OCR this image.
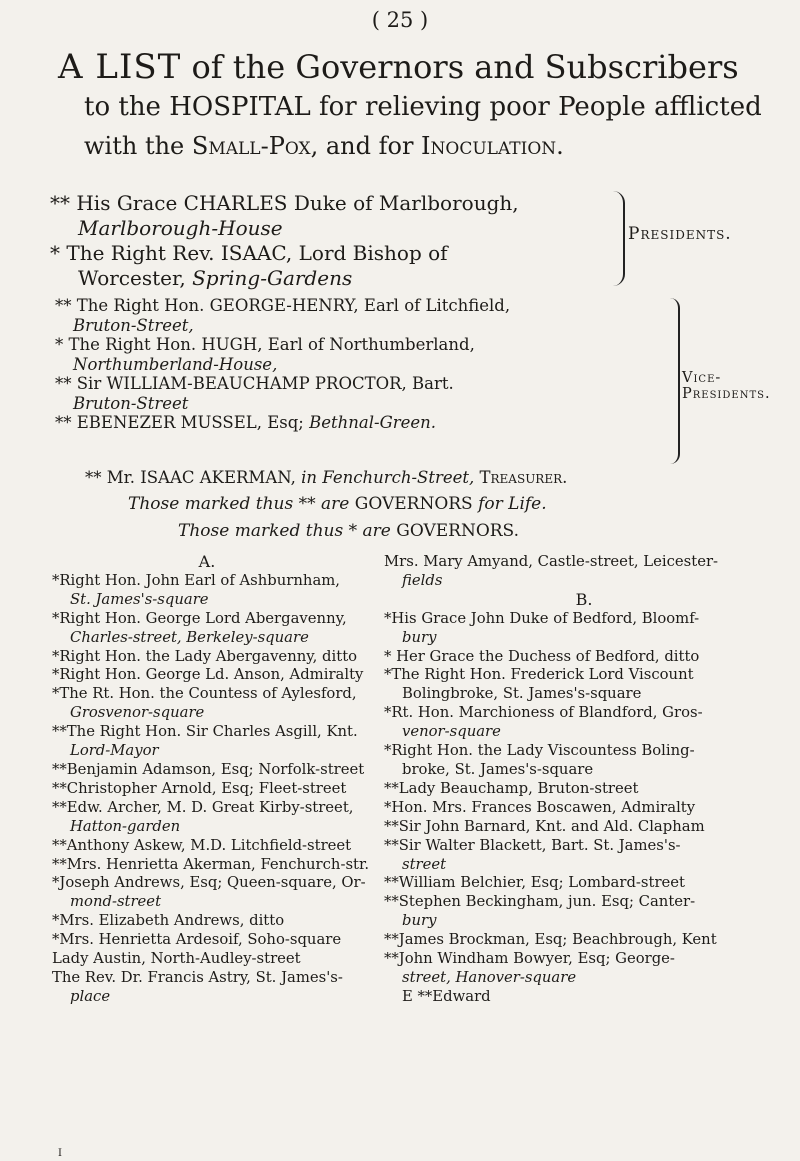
( 25 )
A LIST of the Governors and Subscribers
to the HOSPITAL for relieving poor People afflicted
with the Small-Pox, and for Inoculation.
** His Grace CHARLES Duke of Marlborough,
Marlborough-House
* The Right Rev. ISAAC, Lord Bishop of
Worcester, Spring-Gardens
Presidents.
** The Right Hon. GEORGE-HENRY, Earl of Litchfield,
Bruton-Street,
* The Right Hon. HUGH, Earl of Northumberland,
Northumberland-House,
** Sir WILLIAM-BEAUCHAMP PROCTOR, Bart.
Bruton-Street
** EBENEZER MUSSEL, Esq; Bethnal-Green.
Vice-Presidents.
** Mr. ISAAC AKERMAN, in Fenchurch-Street, Treasurer.
Those marked thus ** are GOVERNORS for Life.
Those marked thus * are GOVERNORS.
A.
*Right Hon. John Earl of Ashburnham,
St. James's-square
*Right Hon. George Lord Abergavenny,
Charles-street, Berkeley-square
*Right Hon. the Lady Abergavenny, ditto
*Right Hon. George Ld. Anson, Admiralty
*The Rt. Hon. the Countess of Aylesford,
Grosvenor-square
**The Right Hon. Sir Charles Asgill, Knt.
Lord-Mayor
**Benjamin Adamson, Esq; Norfolk-street
**Christopher Arnold, Esq; Fleet-street
**Edw. Archer, M. D. Great Kirby-street,
Hatton-garden
**Anthony Askew, M.D. Litchfield-street
**Mrs. Henrietta Akerman, Fenchurch-str.
*Joseph Andrews, Esq; Queen-square, Or-
mond-street
*Mrs. Elizabeth Andrews, ditto
*Mrs. Henrietta Ardesoif, Soho-square
Lady Austin, North-Audley-street
The Rev. Dr. Francis Astry, St. James's-
place
Mrs. Mary Amyand, Castle-street, Leicester-
fields
B.
*His Grace John Duke of Bedford, Bloomf-
bury
* Her Grace the Duchess of Bedford, ditto
*The Right Hon. Frederick Lord Viscount
Bolingbroke, St. James's-square
*Rt. Hon. Marchioness of Blandford, Gros-
venor-square
*Right Hon. the Lady Viscountess Boling-
broke, St. James's-square
**Lady Beauchamp, Bruton-street
*Hon. Mrs. Frances Boscawen, Admiralty
**Sir John Barnard, Knt. and Ald. Clapham
**Sir Walter Blackett, Bart. St. James's-
street
**William Belchier, Esq; Lombard-street
**Stephen Beckingham, jun. Esq; Canter-
bury
**James Brockman, Esq; Beachbrough, Kent
**John Windham Bowyer, Esq; George-
street, Hanover-square
E **Edward
I
